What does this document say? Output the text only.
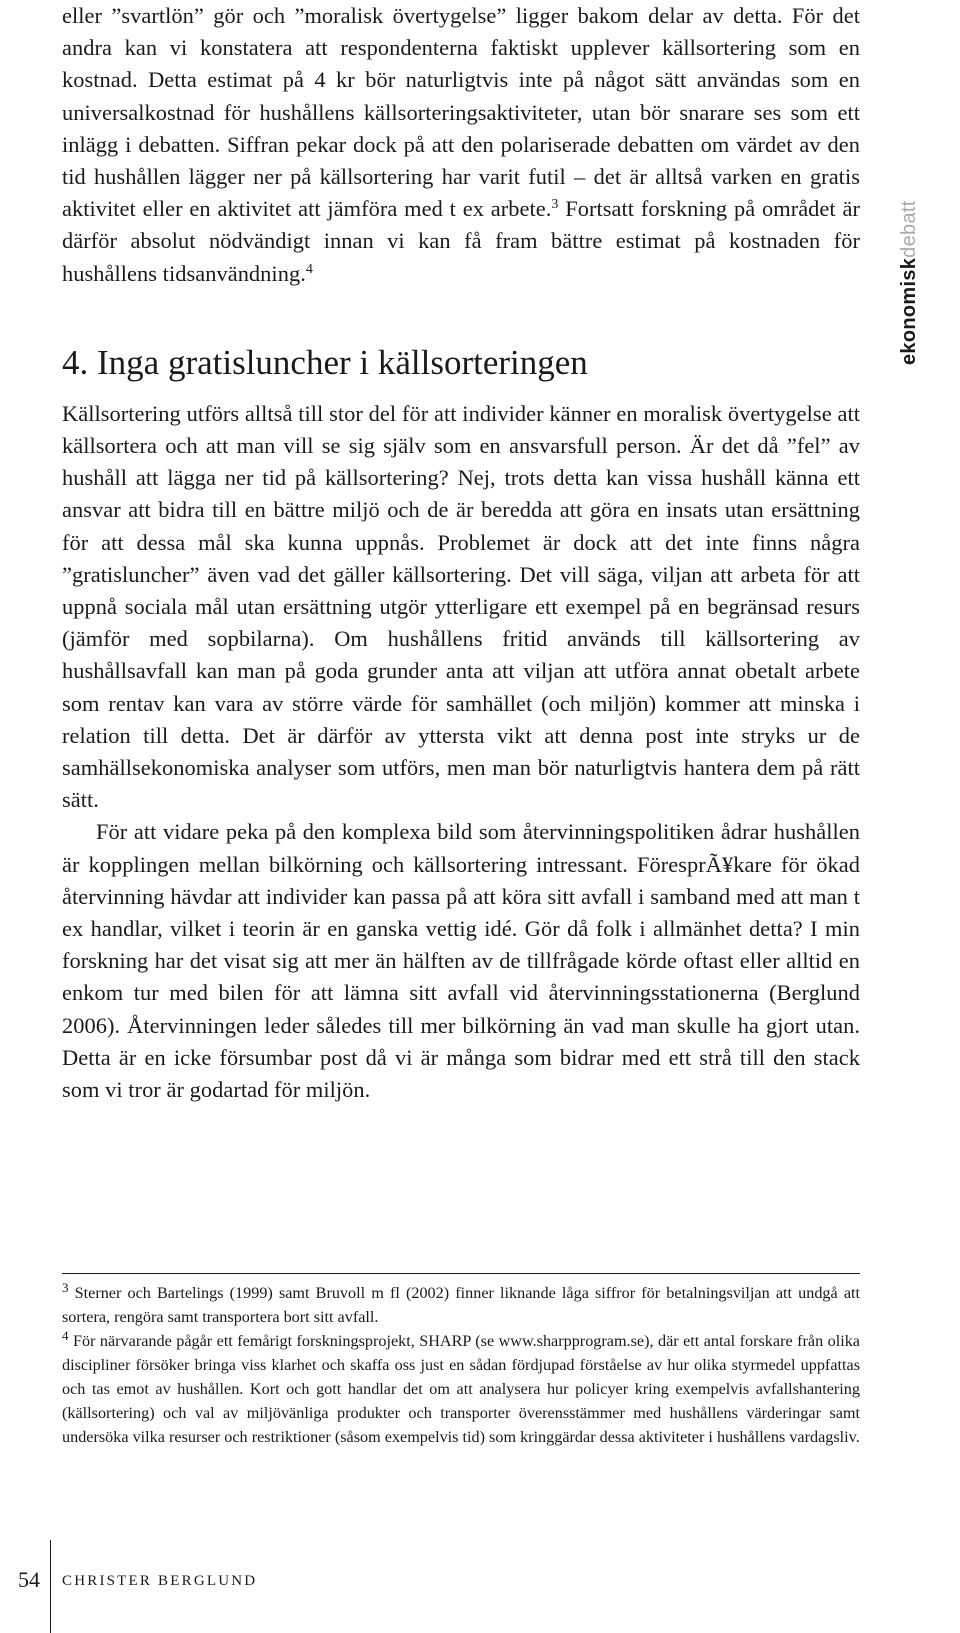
eller ”svartlön” gör och ”moralisk övertygelse” ligger bakom delar av detta. För det andra kan vi konstatera att respondenterna faktiskt upplever källsortering som en kostnad. Detta estimat på 4 kr bör naturligtvis inte på något sätt användas som en universalkostnad för hushållens källsorteringsaktiviteter, utan bör snarare ses som ett inlägg i debatten. Siffran pekar dock på att den polariserade debatten om värdet av den tid hushållen lägger ner på källsortering har varit futil – det är alltså varken en gratis aktivitet eller en aktivitet att jämföra med t ex arbete.$^3$ Fortsatt forskning på området är därför absolut nödvändigt innan vi kan få fram bättre estimat på kostnaden för hushållens tidsanvändning.$^4$

4. Inga gratisluncher i källsorteringen

Källsortering utförs alltså till stor del för att individer känner en moralisk övertygelse att källsortera och att man vill se sig själv som en ansvarsfull person. Är det då ”fel” av hushåll att lägga ner tid på källsortering? Nej, trots detta kan vissa hushåll känna ett ansvar att bidra till en bättre miljö och de är beredda att göra en insats utan ersättning för att dessa mål ska kunna uppnås. Problemet är dock att det inte finns några ”gratisluncher” även vad det gäller källsortering. Det vill säga, viljan att arbeta för att uppnå sociala mål utan ersättning utgör ytterligare ett exempel på en begränsad resurs (jämför med sopbilarna). Om hushållens fritid används till källsortering av hushållsavfall kan man på goda grunder anta att viljan att utföra annat obetalt arbete som rentav kan vara av större värde för samhället (och miljön) kommer att minska i relation till detta. Det är därför av yttersta vikt att denna post inte stryks ur de samhällsekonomiska analyser som utförs, men man bör naturligtvis hantera dem på rätt sätt.

För att vidare peka på den komplexa bild som återvinningspolitiken ådrar hushållen är kopplingen mellan bilkörning och källsortering intressant. FöresprÃ¥kare för ökad återvinning hävdar att individer kan passa på att köra sitt avfall i samband med att man t ex handlar, vilket i teorin är en ganska vettig idé. Gör då folk i allmänhet detta? I min forskning har det visat sig att mer än hälften av de tillfrågade körde oftast eller alltid en enkom tur med bilen för att lämna sitt avfall vid återvinningsstationerna (Berglund 2006). Återvinningen leder således till mer bilkörning än vad man skulle ha gjort utan. Detta är en icke försumbar post då vi är många som bidrar med ett strå till den stack som vi tror är godartad för miljön.

$^3$ Sterner och Bartelings (1999) samt Bruvoll m fl (2002) finner liknande låga siffror för betalningsviljan att undgå att sortera, rengöra samt transportera bort sitt avfall.

$^4$ För närvarande pågår ett femårigt forskningsprojekt, SHARP (se www.sharpprogram.se), där ett antal forskare från olika discipliner försöker bringa viss klarhet och skaffa oss just en sådan fördjupad förståelse av hur olika styrmedel uppfattas och tas emot av hushållen. Kort och gott handlar det om att analysera hur policyer kring exempelvis avfallshantering (källsortering) och val av miljövänliga produkter och transporter överensstämmer med hushållens värderingar samt undersöka vilka resurser och restriktioner (såsom exempelvis tid) som kringgärdar dessa aktiviteter i hushållens vardagsliv.

ekonomiskdebatt
54 CHRISTER BERGLUND
